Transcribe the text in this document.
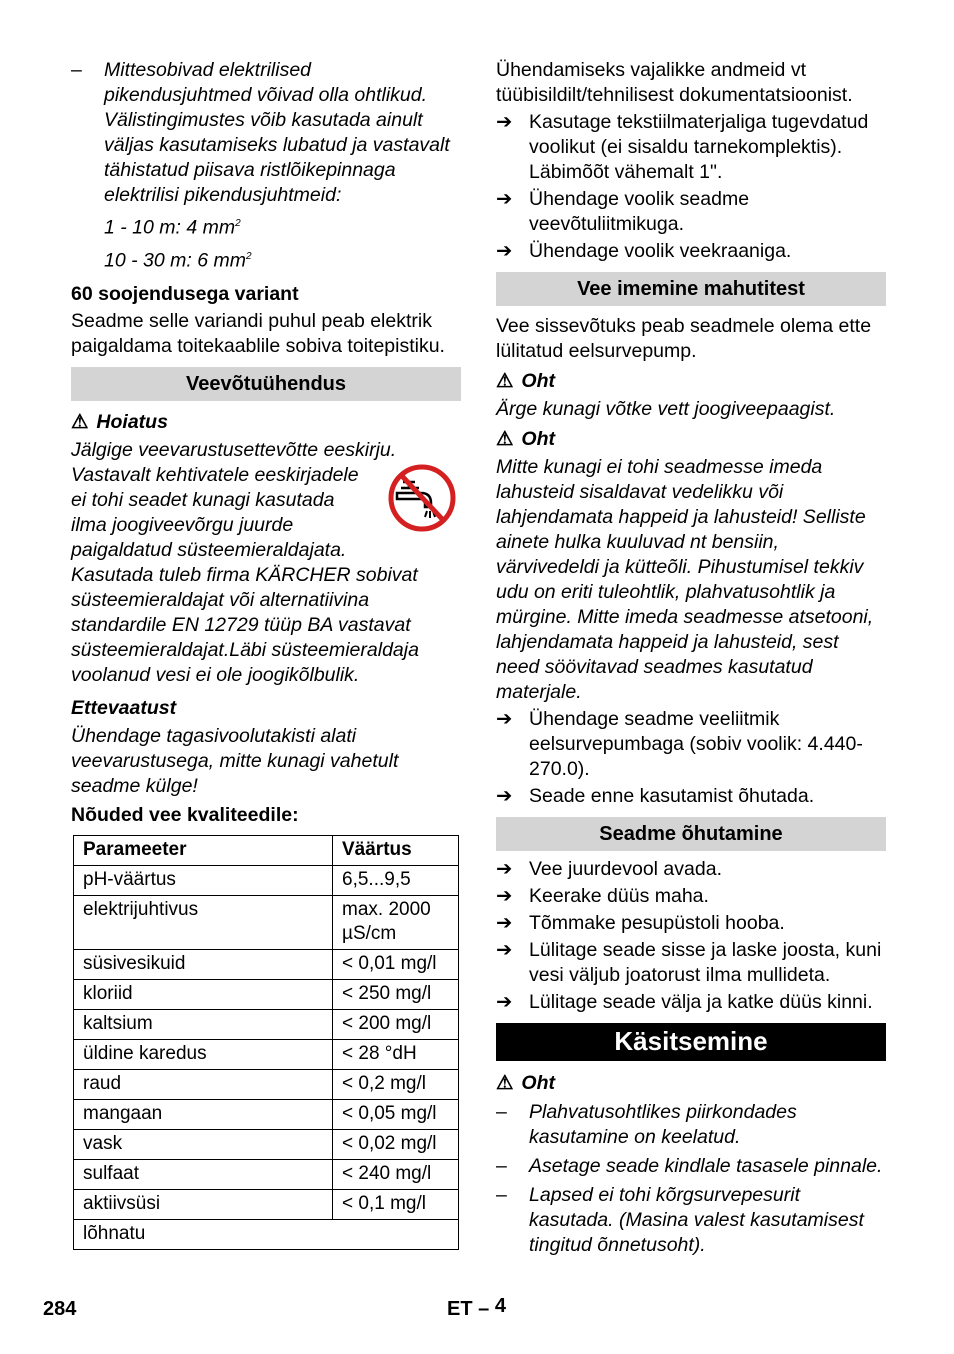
– Mittesobivad elektrilised pikendusjuhtmed võivad olla ohtlikud. Välistingimustes võib kasutada ainult väljas kasutamiseks lubatud ja vastavalt tähistatud piisava ristlõikepinnaga elektrilisi pikendusjuhtmeid:

1 - 10 m: 4 $mm^2$

10 - 30 m: 6 $mm^2$

60 soojendusega variant

Seadme selle variandi puhul peab elektrik paigaldama toitekaablile sobiva toitepistiku.

Veevõtuühendus

⚠ Hoiatus

Jälgige veevarustusettevõtte eeskirju.

Vastavalt kehtivatele eeskirjadele ei tohi seadet kunagi kasutada ilma joogiveevõrgu juurde paigaldatud süsteemieraldajata. Kasutada tuleb firma KÄRCHER sobivat süsteemieraldajat või alternatiivina standardile EN 12729 tüüp BA vastavat süsteemieraldajat.Läbi süsteemieraldaja voolanud vesi ei ole joogikõlbulik.

Ettevaatust

Ühendage tagasivoolutakisti alati veevarustusega, mitte kunagi vahetult seadme külge!

Nõuded vee kvaliteedile:

Parameeter	Väärtus
pH-väärtus	6,5...9,5
elektrijuhtivus	max. 2000 µS/cm
süsivesikuid	< 0,01 mg/l
kloriid	< 250 mg/l
kaltsium	< 200 mg/l
üldine karedus	< 28 °dH
raud	< 0,2 mg/l
mangaan	< 0,05 mg/l
vask	< 0,02 mg/l
sulfaat	< 240 mg/l
aktiivsüsi	< 0,1 mg/l
lõhnatu	

Ühendamiseks vajalikke andmeid vt tüübisildilt/tehnilisest dokumentatsioonist.

➔ Kasutage tekstiilmaterjaliga tugevdatud voolikut (ei sisaldu tarnekomplektis). Läbimõõt vähemalt 1".
➔ Ühendage voolik seadme veevõtuliitmikuga.
➔ Ühendage voolik veekraaniga.
Vee imemine mahutitest

Vee sissevõtuks peab seadmele olema ette lülitatud eelsurvepump.

⚠ Oht

Ärge kunagi võtke vett joogiveepaagist.

⚠ Oht

Mitte kunagi ei tohi seadmesse imeda lahusteid sisaldavat vedelikku või lahjendamata happeid ja lahusteid! Selliste ainete hulka kuuluvad nt bensiin, värvivedeldi ja kütteõli. Pihustumisel tekkiv udu on eriti tuleohtlik, plahvatusohtlik ja mürgine. Mitte imeda seadmesse atsetooni, lahjendamata happeid ja lahusteid, sest need söövitavad seadmes kasutatud materjale.

➔ Ühendage seadme veeliitmik eelsurvepumbaga (sobiv voolik: 4.440-270.0).
➔ Seade enne kasutamist õhutada.
Seadme õhutamine
➔ Vee juurdevool avada.
➔ Keerake düüs maha.
➔ Tõmmake pesupüstoli hooba.
➔ Lülitage seade sisse ja laske joosta, kuni vesi väljub joatorust ilma mullideta.
➔ Lülitage seade välja ja katke düüs kinni.
Käsitsemine

⚠ Oht

– Plahvatusohtlikes piirkondades kasutamine on keelatud.
– Asetage seade kindlale tasasele pinnale.
– Lapsed ei tohi kõrgsurvepesurit kasutada. (Masina valest kasutamisest tingitud õnnetusoht).
284	ET – 4
